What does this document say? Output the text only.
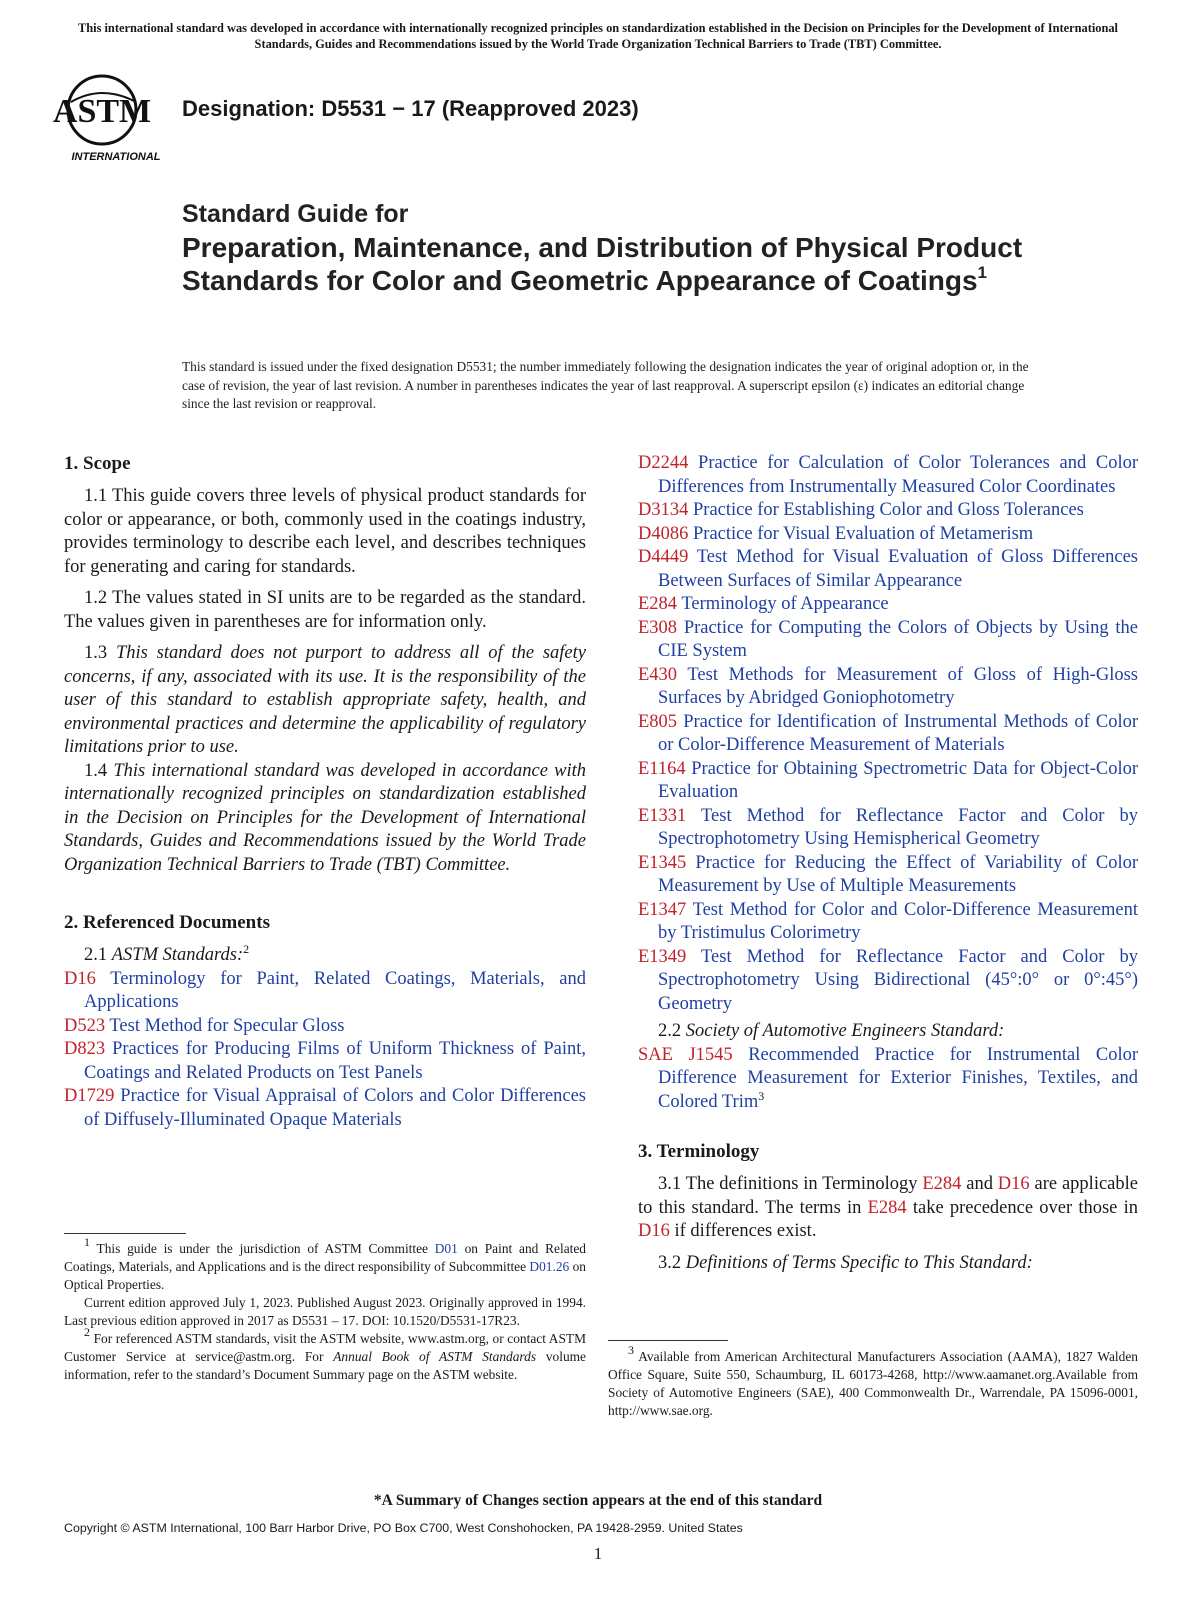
This international standard was developed in accordance with internationally recognized principles on standardization established in the Decision on Principles for the Development of International Standards, Guides and Recommendations issued by the World Trade Organization Technical Barriers to Trade (TBT) Committee.
ASTM
INTERNATIONAL
Designation: D5531 − 17 (Reapproved 2023)
Standard Guide for
Preparation, Maintenance, and Distribution of Physical Product Standards for Color and Geometric Appearance of Coatings$^1$
This standard is issued under the fixed designation D5531; the number immediately following the designation indicates the year of original adoption or, in the case of revision, the year of last revision. A number in parentheses indicates the year of last reapproval. A superscript epsilon (ε) indicates an editorial change since the last revision or reapproval.
1. Scope

1.1 This guide covers three levels of physical product standards for color or appearance, or both, commonly used in the coatings industry, provides terminology to describe each level, and describes techniques for generating and caring for standards.

1.2 The values stated in SI units are to be regarded as the standard. The values given in parentheses are for information only.

1.3 This standard does not purport to address all of the safety concerns, if any, associated with its use. It is the responsibility of the user of this standard to establish appropriate safety, health, and environmental practices and determine the applicability of regulatory limitations prior to use.

1.4 This international standard was developed in accordance with internationally recognized principles on standardization established in the Decision on Principles for the Development of International Standards, Guides and Recommendations issued by the World Trade Organization Technical Barriers to Trade (TBT) Committee.

2. Referenced Documents

2.1 ASTM Standards:$^2$

D16 Terminology for Paint, Related Coatings, Materials, and Applications

D523 Test Method for Specular Gloss

D823 Practices for Producing Films of Uniform Thickness of Paint, Coatings and Related Products on Test Panels

D1729 Practice for Visual Appraisal of Colors and Color Differences of Diffusely-Illuminated Opaque Materials

$^1$ This guide is under the jurisdiction of ASTM Committee D01 on Paint and Related Coatings, Materials, and Applications and is the direct responsibility of Subcommittee D01.26 on Optical Properties.

Current edition approved July 1, 2023. Published August 2023. Originally approved in 1994. Last previous edition approved in 2017 as D5531 – 17. DOI: 10.1520/D5531-17R23.

$^2$ For referenced ASTM standards, visit the ASTM website, www.astm.org, or contact ASTM Customer Service at service@astm.org. For Annual Book of ASTM Standards volume information, refer to the standard’s Document Summary page on the ASTM website.

D2244 Practice for Calculation of Color Tolerances and Color Differences from Instrumentally Measured Color Coordinates

D3134 Practice for Establishing Color and Gloss Tolerances

D4086 Practice for Visual Evaluation of Metamerism

D4449 Test Method for Visual Evaluation of Gloss Differences Between Surfaces of Similar Appearance

E284 Terminology of Appearance

E308 Practice for Computing the Colors of Objects by Using the CIE System

E430 Test Methods for Measurement of Gloss of High-Gloss Surfaces by Abridged Goniophotometry

E805 Practice for Identification of Instrumental Methods of Color or Color-Difference Measurement of Materials

E1164 Practice for Obtaining Spectrometric Data for Object-Color Evaluation

E1331 Test Method for Reflectance Factor and Color by Spectrophotometry Using Hemispherical Geometry

E1345 Practice for Reducing the Effect of Variability of Color Measurement by Use of Multiple Measurements

E1347 Test Method for Color and Color-Difference Measurement by Tristimulus Colorimetry

E1349 Test Method for Reflectance Factor and Color by Spectrophotometry Using Bidirectional (45°:0° or 0°:45°) Geometry

2.2 Society of Automotive Engineers Standard:

SAE J1545 Recommended Practice for Instrumental Color Difference Measurement for Exterior Finishes, Textiles, and Colored Trim$^3$

3. Terminology

3.1 The definitions in Terminology E284 and D16 are applicable to this standard. The terms in E284 take precedence over those in D16 if differences exist.

3.2 Definitions of Terms Specific to This Standard:

$^3$ Available from American Architectural Manufacturers Association (AAMA), 1827 Walden Office Square, Suite 550, Schaumburg, IL 60173-4268, http://www.aamanet.org.Available from Society of Automotive Engineers (SAE), 400 Commonwealth Dr., Warrendale, PA 15096-0001, http://www.sae.org.

*A Summary of Changes section appears at the end of this standard
Copyright © ASTM International, 100 Barr Harbor Drive, PO Box C700, West Conshohocken, PA 19428-2959. United States
1
